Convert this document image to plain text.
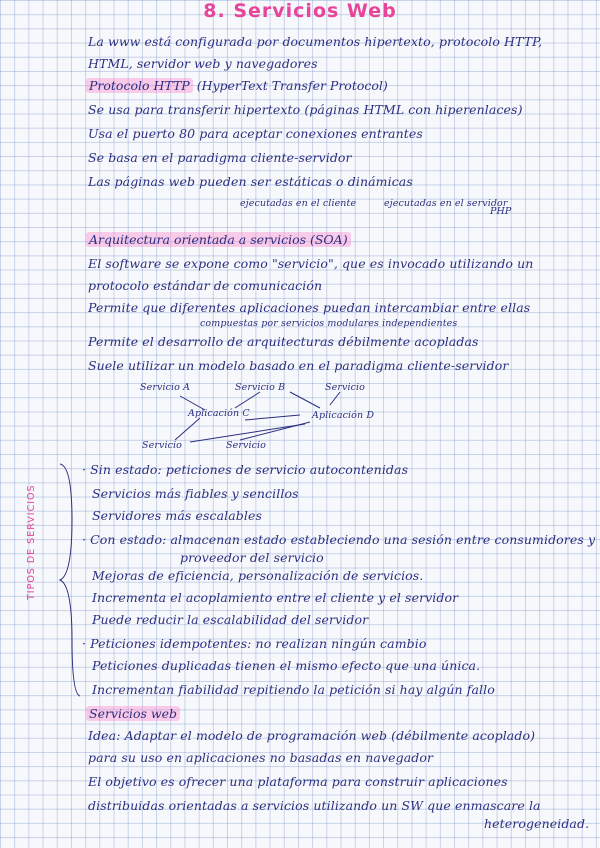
8. Servicios Web
La www está configurada por documentos hipertexto, protocolo HTTP,
HTML, servidor web y navegadores
Protocolo HTTP (HyperText Transfer Protocol)
Se usa para transferir hipertexto (páginas HTML con hiperenlaces)
Usa el puerto 80 para aceptar conexiones entrantes
Se basa en el paradigma cliente-servidor
Las páginas web pueden ser estáticas o dinámicas
ejecutadas en el cliente	ejecutadas en el servidor
PHP
Arquitectura orientada a servicios (SOA)
El software se expone como "servicio", que es invocado utilizando un
protocolo estándar de comunicación
Permite que diferentes aplicaciones puedan intercambiar entre ellas
compuestas por servicios modulares independientes
Permite el desarrollo de arquitecturas débilmente acopladas
Suele utilizar un modelo basado en el paradigma cliente-servidor
Servicio A	Servicio B	Servicio
Aplicación C	Aplicación D
Servicio	Servicio
TIPOS DE SERVICIOS
· Sin estado: peticiones de servicio autocontenidas
Servicios más fiables y sencillos
Servidores más escalables
· Con estado: almacenan estado estableciendo una sesión entre consumidores y
proveedor del servicio
Mejoras de eficiencia, personalización de servicios.
Incrementa el acoplamiento entre el cliente y el servidor
Puede reducir la escalabilidad del servidor
· Peticiones idempotentes: no realizan ningún cambio
Peticiones duplicadas tienen el mismo efecto que una única.
Incrementan fiabilidad repitiendo la petición si hay algún fallo
Servicios web
Idea: Adaptar el modelo de programación web (débilmente acoplado)
para su uso en aplicaciones no basadas en navegador
El objetivo es ofrecer una plataforma para construir aplicaciones
distribuidas orientadas a servicios utilizando un SW que enmascare la
heterogeneidad.
